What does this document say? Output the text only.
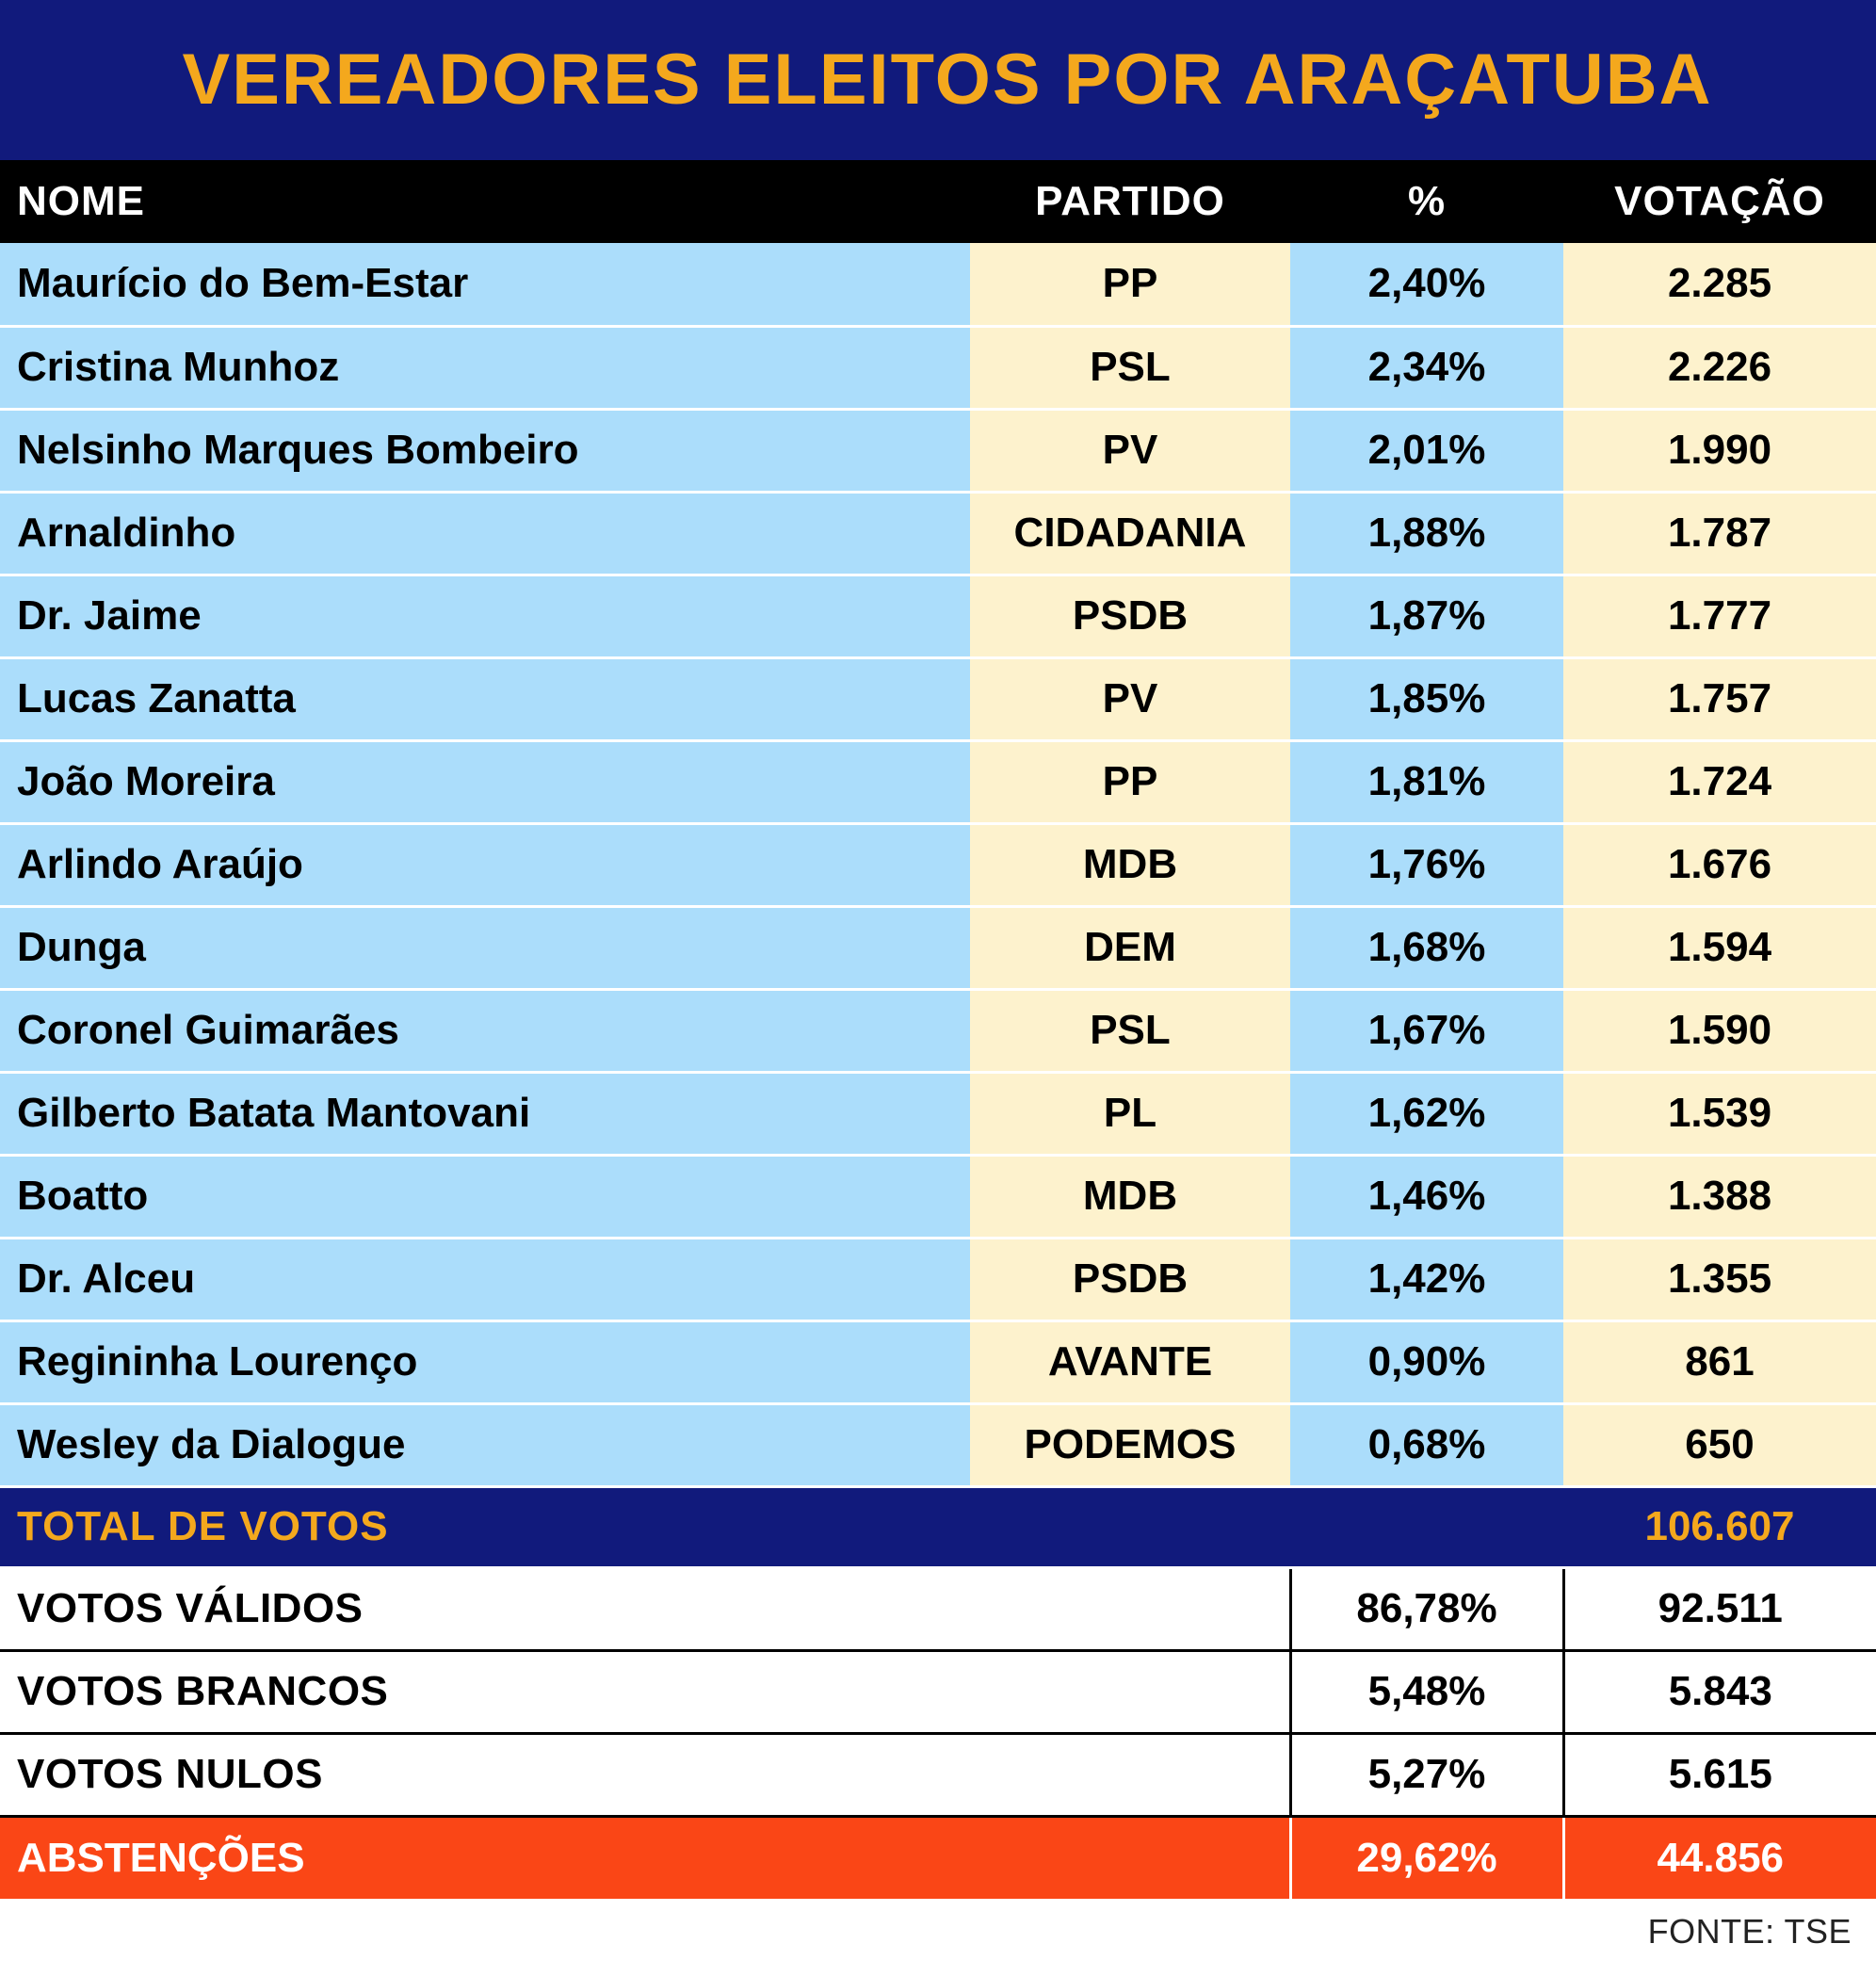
VEREADORES ELEITOS POR ARAÇATUBA
NOME	PARTIDO	%	VOTAÇÃO
Maurício do Bem-Estar	PP	2,40%	2.285
Cristina Munhoz	PSL	2,34%	2.226
Nelsinho Marques Bombeiro	PV	2,01%	1.990
Arnaldinho	CIDADANIA	1,88%	1.787
Dr. Jaime	PSDB	1,87%	1.777
Lucas Zanatta	PV	1,85%	1.757
João Moreira	PP	1,81%	1.724
Arlindo Araújo	MDB	1,76%	1.676
Dunga	DEM	1,68%	1.594
Coronel Guimarães	PSL	1,67%	1.590
Gilberto Batata Mantovani	PL	1,62%	1.539
Boatto	MDB	1,46%	1.388
Dr. Alceu	PSDB	1,42%	1.355
Regininha Lourenço	AVANTE	0,90%	861
Wesley da Dialogue	PODEMOS	0,68%	650
TOTAL DE VOTOS			106.607
VOTOS VÁLIDOS		86,78%	92.511
VOTOS BRANCOS		5,48%	5.843
VOTOS NULOS		5,27%	5.615
ABSTENÇÕES		29,62%	44.856
FONTE: TSE
